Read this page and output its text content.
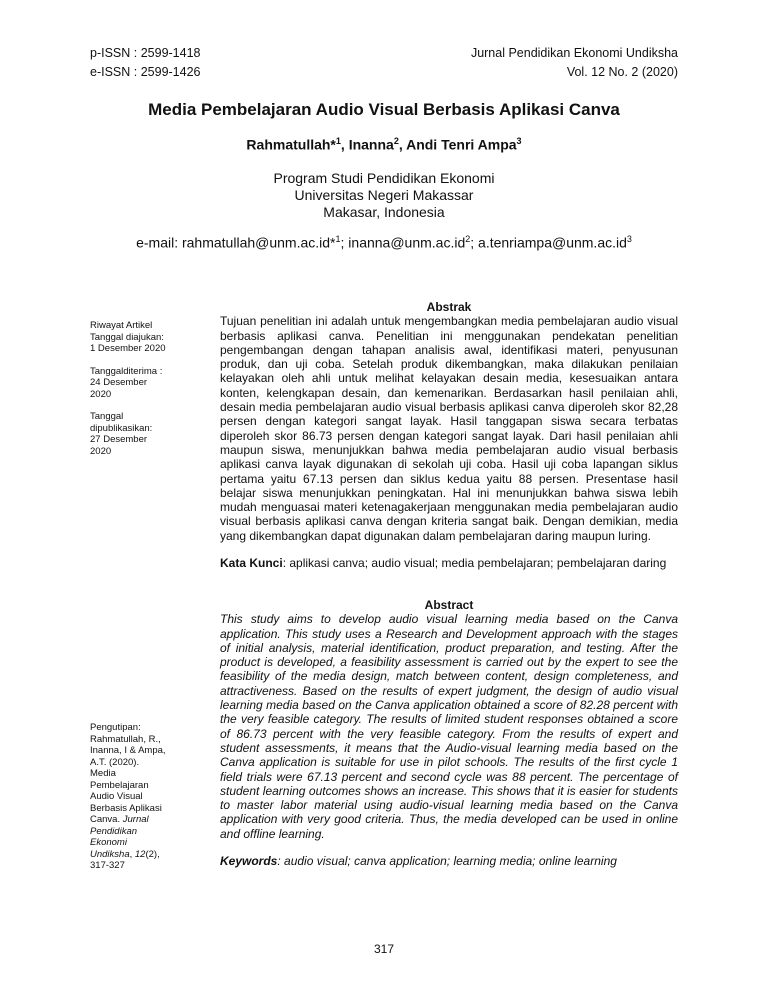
p-ISSN : 2599-1418
e-ISSN : 2599-1426
Jurnal Pendidikan Ekonomi Undiksha
Vol. 12 No. 2 (2020)
Media Pembelajaran Audio Visual Berbasis Aplikasi Canva
Rahmatullah*$^1$, Inanna$^2$, Andi Tenri Ampa$^3$
Program Studi Pendidikan Ekonomi
Universitas Negeri Makassar
Makasar, Indonesia
e-mail: rahmatullah@unm.ac.id*$^1$; $inanna@unm.ac.id^2$; $a.tenriampa@unm.ac.id^3$

Riwayat Artikel

Tanggal diajukan:

1 Desember 2020

Tanggalditerima :

24 Desember

2020

Tanggal

dipublikasikan:

27 Desember

2020

Pengutipan:

Rahmatullah, R.,

Inanna, I & Ampa,

A.T. (2020).

Media

Pembelajaran

Audio Visual

Berbasis Aplikasi

Canva. Jurnal

Pendidikan

Ekonomi

Undiksha, 12(2),

317-327

Abstrak

Tujuan penelitian ini adalah untuk mengembangkan media pembelajaran audio visual berbasis aplikasi canva. Penelitian ini menggunakan pendekatan penelitian pengembangan dengan tahapan analisis awal, identifikasi materi, penyusunan produk, dan uji coba. Setelah produk dikembangkan, maka dilakukan penilaian kelayakan oleh ahli untuk melihat kelayakan desain media, kesesuaikan antara konten, kelengkapan desain, dan kemenarikan. Berdasarkan hasil penilaian ahli, desain media pembelajaran audio visual berbasis aplikasi canva diperoleh skor 82,28 persen dengan kategori sangat layak. Hasil tanggapan siswa secara terbatas diperoleh skor 86.73 persen dengan kategori sangat layak. Dari hasil penilaian ahli maupun siswa, menunjukkan bahwa media pembelajaran audio visual berbasis aplikasi canva layak digunakan di sekolah uji coba. Hasil uji coba lapangan siklus pertama yaitu 67.13 persen dan siklus kedua yaitu 88 persen. Presentase hasil belajar siswa menunjukkan peningkatan. Hal ini menunjukkan bahwa siswa lebih mudah menguasai materi ketenagakerjaan menggunakan media pembelajaran audio visual berbasis aplikasi canva dengan kriteria sangat baik. Dengan demikian, media yang dikembangkan dapat digunakan dalam pembelajaran daring maupun luring.

Kata Kunci: aplikasi canva; audio visual; media pembelajaran; pembelajaran daring

Abstract

This study aims to develop audio visual learning media based on the Canva application. This study uses a Research and Development approach with the stages of initial analysis, material identification, product preparation, and testing. After the product is developed, a feasibility assessment is carried out by the expert to see the feasibility of the media design, match between content, design completeness, and attractiveness. Based on the results of expert judgment, the design of audio visual learning media based on the Canva application obtained a score of 82.28 percent with the very feasible category. The results of limited student responses obtained a score of 86.73 percent with the very feasible category. From the results of expert and student assessments, it means that the Audio-visual learning media based on the Canva application is suitable for use in pilot schools. The results of the first cycle 1 field trials were 67.13 percent and second cycle was 88 percent. The percentage of student learning outcomes shows an increase. This shows that it is easier for students to master labor material using audio-visual learning media based on the Canva application with very good criteria. Thus, the media developed can be used in online and offline learning.

Keywords: audio visual; canva application; learning media; online learning

317
